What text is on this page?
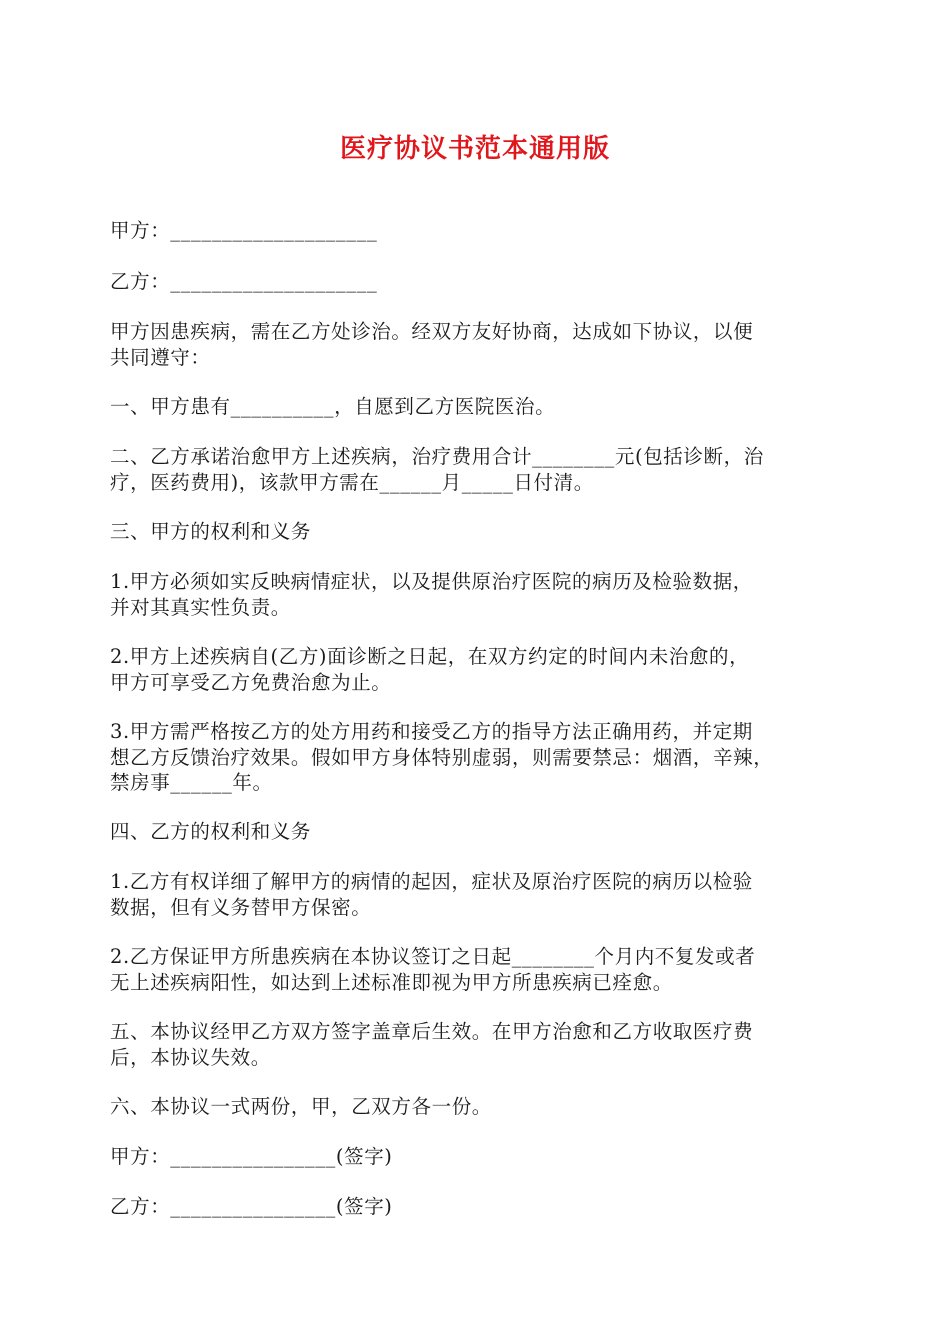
医疗协议书范本通用版
甲方：____________________
乙方：____________________
甲方因患疾病，需在乙方处诊治。经双方友好协商，达成如下协议，以便
共同遵守：
一、甲方患有__________，自愿到乙方医院医治。
二、乙方承诺治愈甲方上述疾病，治疗费用合计________元(包括诊断，治
疗，医药费用)，该款甲方需在______月_____日付清。
三、甲方的权利和义务
1.甲方必须如实反映病情症状，以及提供原治疗医院的病历及检验数据，
并对其真实性负责。
2.甲方上述疾病自(乙方)面诊断之日起，在双方约定的时间内未治愈的，
甲方可享受乙方免费治愈为止。
3.甲方需严格按乙方的处方用药和接受乙方的指导方法正确用药，并定期
想乙方反馈治疗效果。假如甲方身体特别虚弱，则需要禁忌：烟酒，辛辣，
禁房事______年。
四、乙方的权利和义务
1.乙方有权详细了解甲方的病情的起因，症状及原治疗医院的病历以检验
数据，但有义务替甲方保密。
2.乙方保证甲方所患疾病在本协议签订之日起________个月内不复发或者
无上述疾病阳性，如达到上述标准即视为甲方所患疾病已痊愈。
五、本协议经甲乙方双方签字盖章后生效。在甲方治愈和乙方收取医疗费
后，本协议失效。
六、本协议一式两份，甲，乙双方各一份。
甲方：________________(签字)
乙方：________________(签字)
